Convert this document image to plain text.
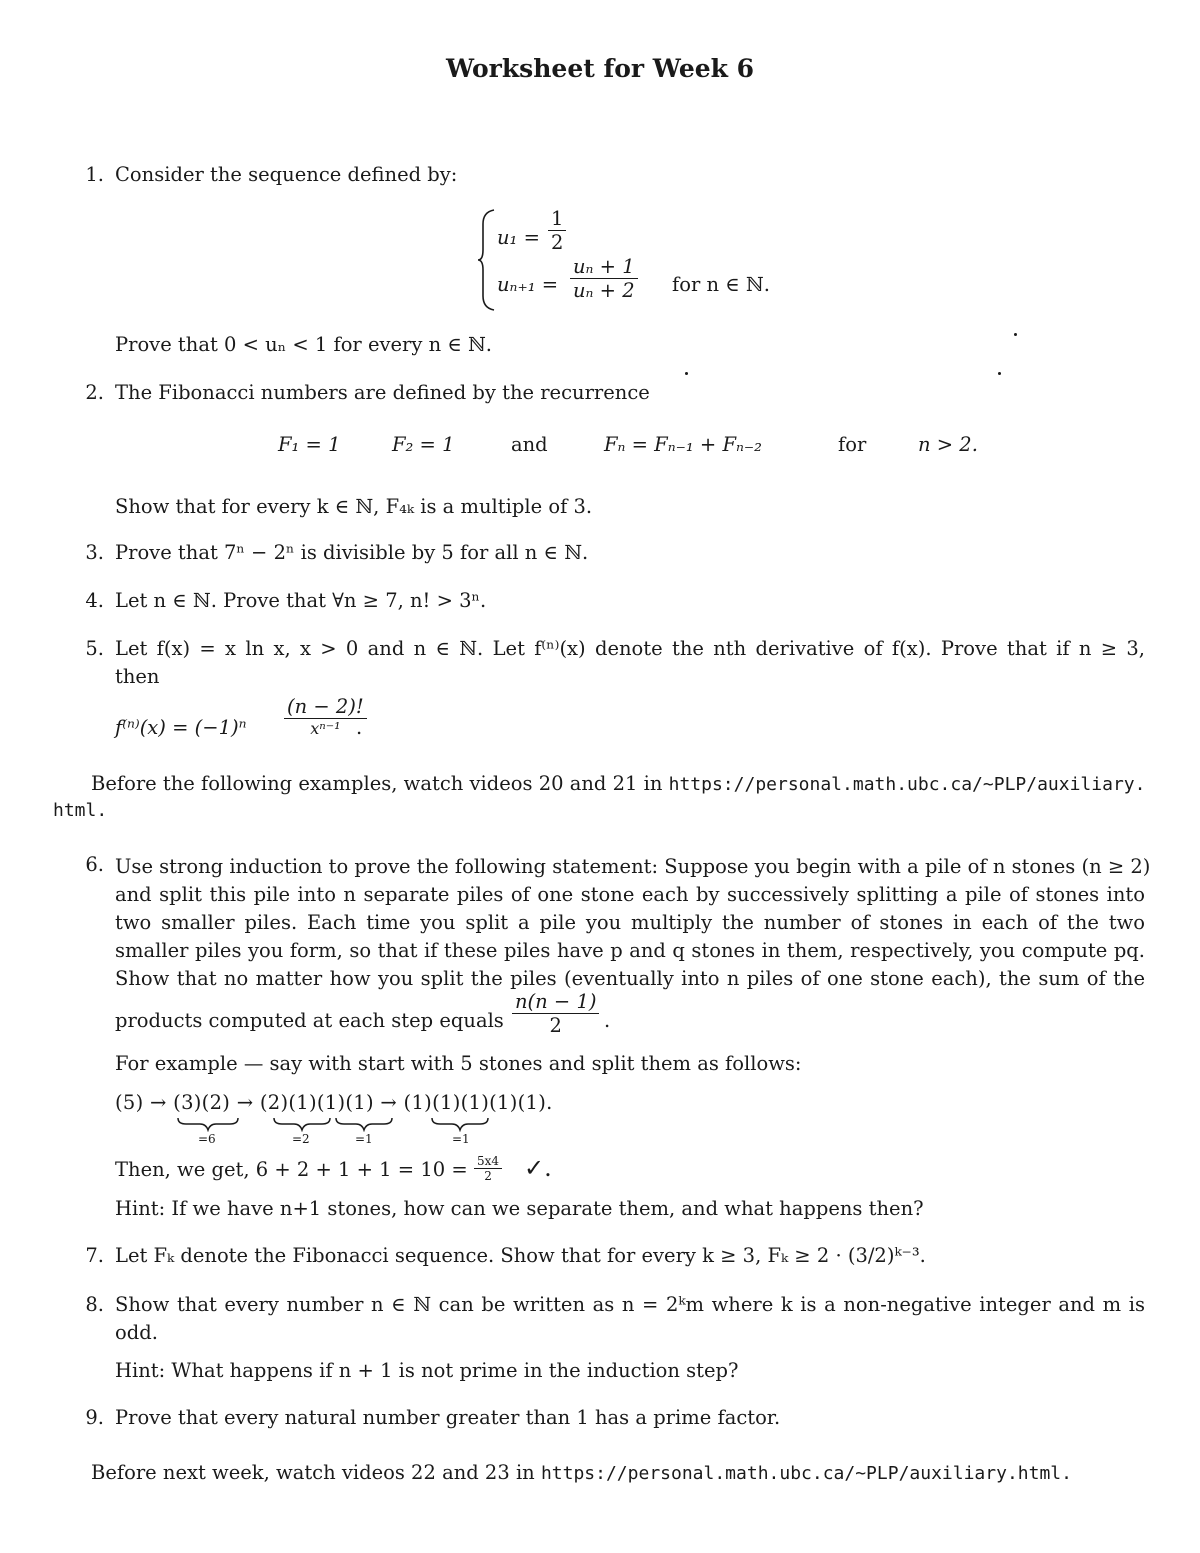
Worksheet for Week 6
1. Consider the sequence defined by:
$u_1 = \frac{1}{2}$
$u_{n+1} = \frac{\text{uₙ + 1}}{\text{uₙ + 2}}$ for n ∈ ℕ.
Prove that 0 < uₙ < 1 for every n ∈ ℕ.
2. The Fibonacci numbers are defined by the recurrence
F₁ = 1	F₂ = 1	and	Fₙ = Fₙ₋₁ + Fₙ₋₂	for	n > 2.
Show that for every k ∈ ℕ, F₄ₖ is a multiple of 3.
3. Prove that 7ⁿ − 2ⁿ is divisible by 5 for all n ∈ ℕ.
4. Let n ∈ ℕ. Prove that ∀n ≥ 7, n! > 3ⁿ.
5. Let f(x) = x ln x, x > 0 and n ∈ ℕ. Let f⁽ⁿ⁾(x) denote the nth derivative of f(x). Prove that if n ≥ 3,
then
$f^{(n)}(x) = (-1)^n \frac{(n - 2)!}{\text{xⁿ⁻¹}}$
.
Before the following examples, watch videos 20 and 21 in https://personal.math.ubc.ca/~PLP/auxiliary.
html.
6. Use strong induction to prove the following statement: Suppose you begin with a pile of n stones (n ≥ 2)
and split this pile into n separate piles of one stone each by successively splitting a pile of stones into
two smaller piles. Each time you split a pile you multiply the number of stones in each of the two
smaller piles you form, so that if these piles have p and q stones in them, respectively, you compute pq.
Show that no matter how you split the piles (eventually into n piles of one stone each), the sum of the
products computed at each step equals $\frac{n(n - 1)}{2}$ .
For example — say with start with 5 stones and split them as follows:
(5) → (3)(2) → (2)(1)(1)(1) → (1)(1)(1)(1)(1).
=6	=2	=1	=1
Then, we get, $6 + 2 + 1 + 1 = 10 = \frac{5x4}{2}$ ✓.
Hint: If we have n+1 stones, how can we separate them, and what happens then?
7. Let Fₖ denote the Fibonacci sequence. Show that for every k ≥ 3, Fₖ ≥ 2 · (3/2)ᵏ⁻³.
8. Show that every number n ∈ ℕ can be written as n = 2ᵏm where k is a non-negative integer and m is
odd.
Hint: What happens if n + 1 is not prime in the induction step?
9. Prove that every natural number greater than 1 has a prime factor.
Before next week, watch videos 22 and 23 in https://personal.math.ubc.ca/~PLP/auxiliary.html.
